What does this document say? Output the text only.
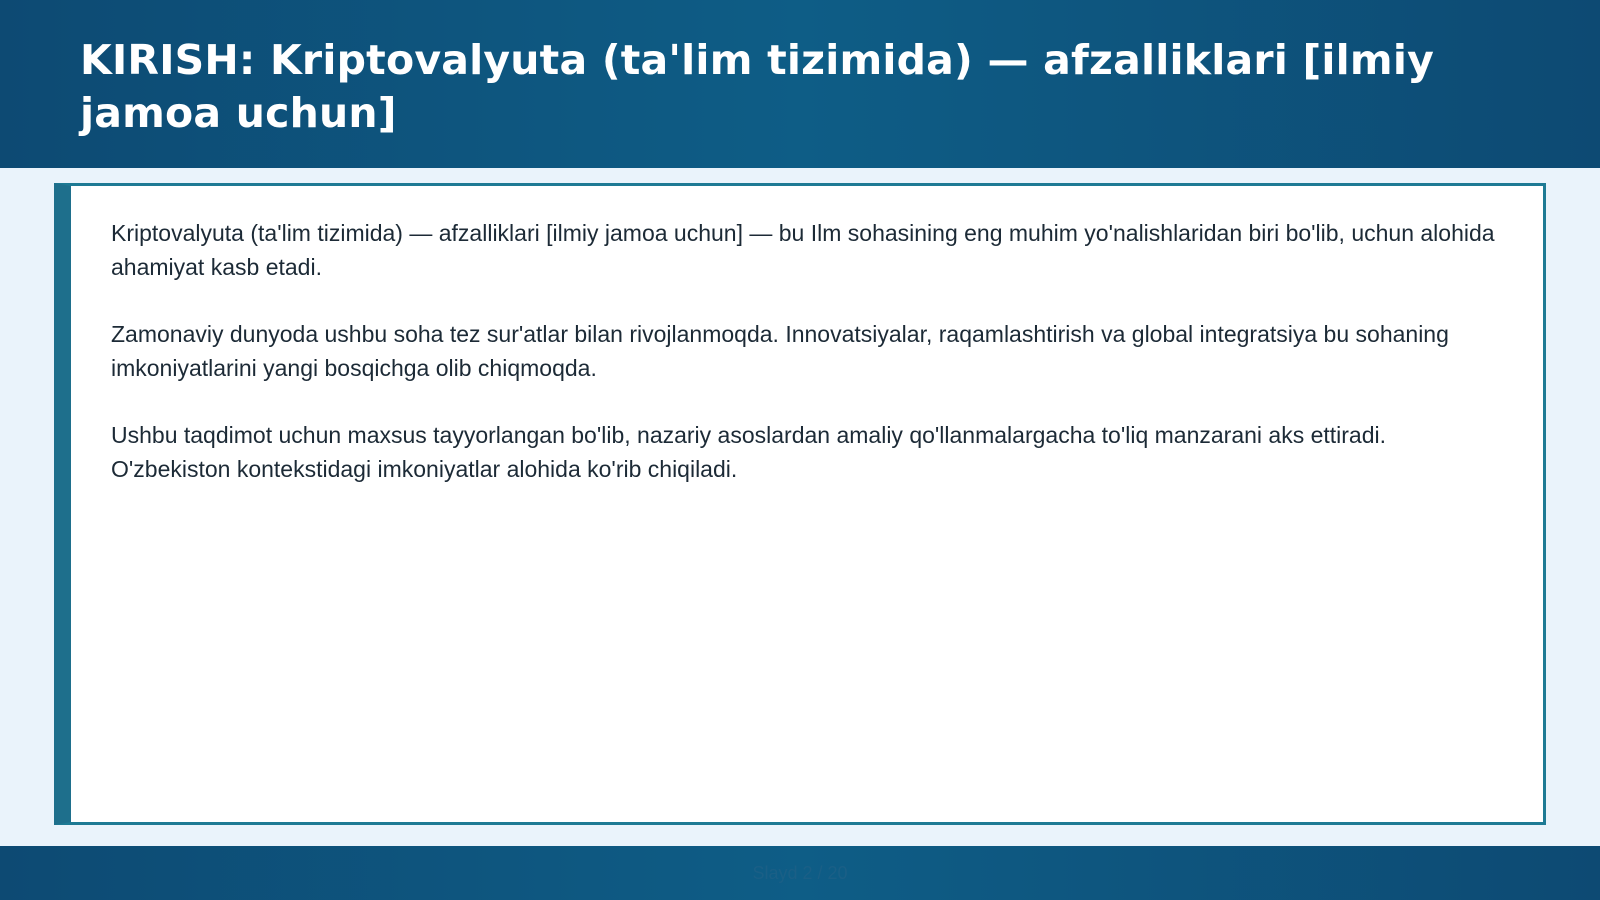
KIRISH: Kriptovalyuta (ta'lim tizimida) — afzalliklari [ilmiy jamoa uchun]

Kriptovalyuta (ta'lim tizimida) — afzalliklari [ilmiy jamoa uchun] — bu Ilm sohasining eng muhim yo'nalishlaridan biri bo'lib, uchun alohida ahamiyat kasb etadi.

Zamonaviy dunyoda ushbu soha tez sur'atlar bilan rivojlanmoqda. Innovatsiyalar, raqamlashtirish va global integratsiya bu sohaning imkoniyatlarini yangi bosqichga olib chiqmoqda.

Ushbu taqdimot uchun maxsus tayyorlangan bo'lib, nazariy asoslardan amaliy qo'llanmalargacha to'liq manzarani aks ettiradi. O'zbekiston kontekstidagi imkoniyatlar alohida ko'rib chiqiladi.

Slayd 2 / 20
